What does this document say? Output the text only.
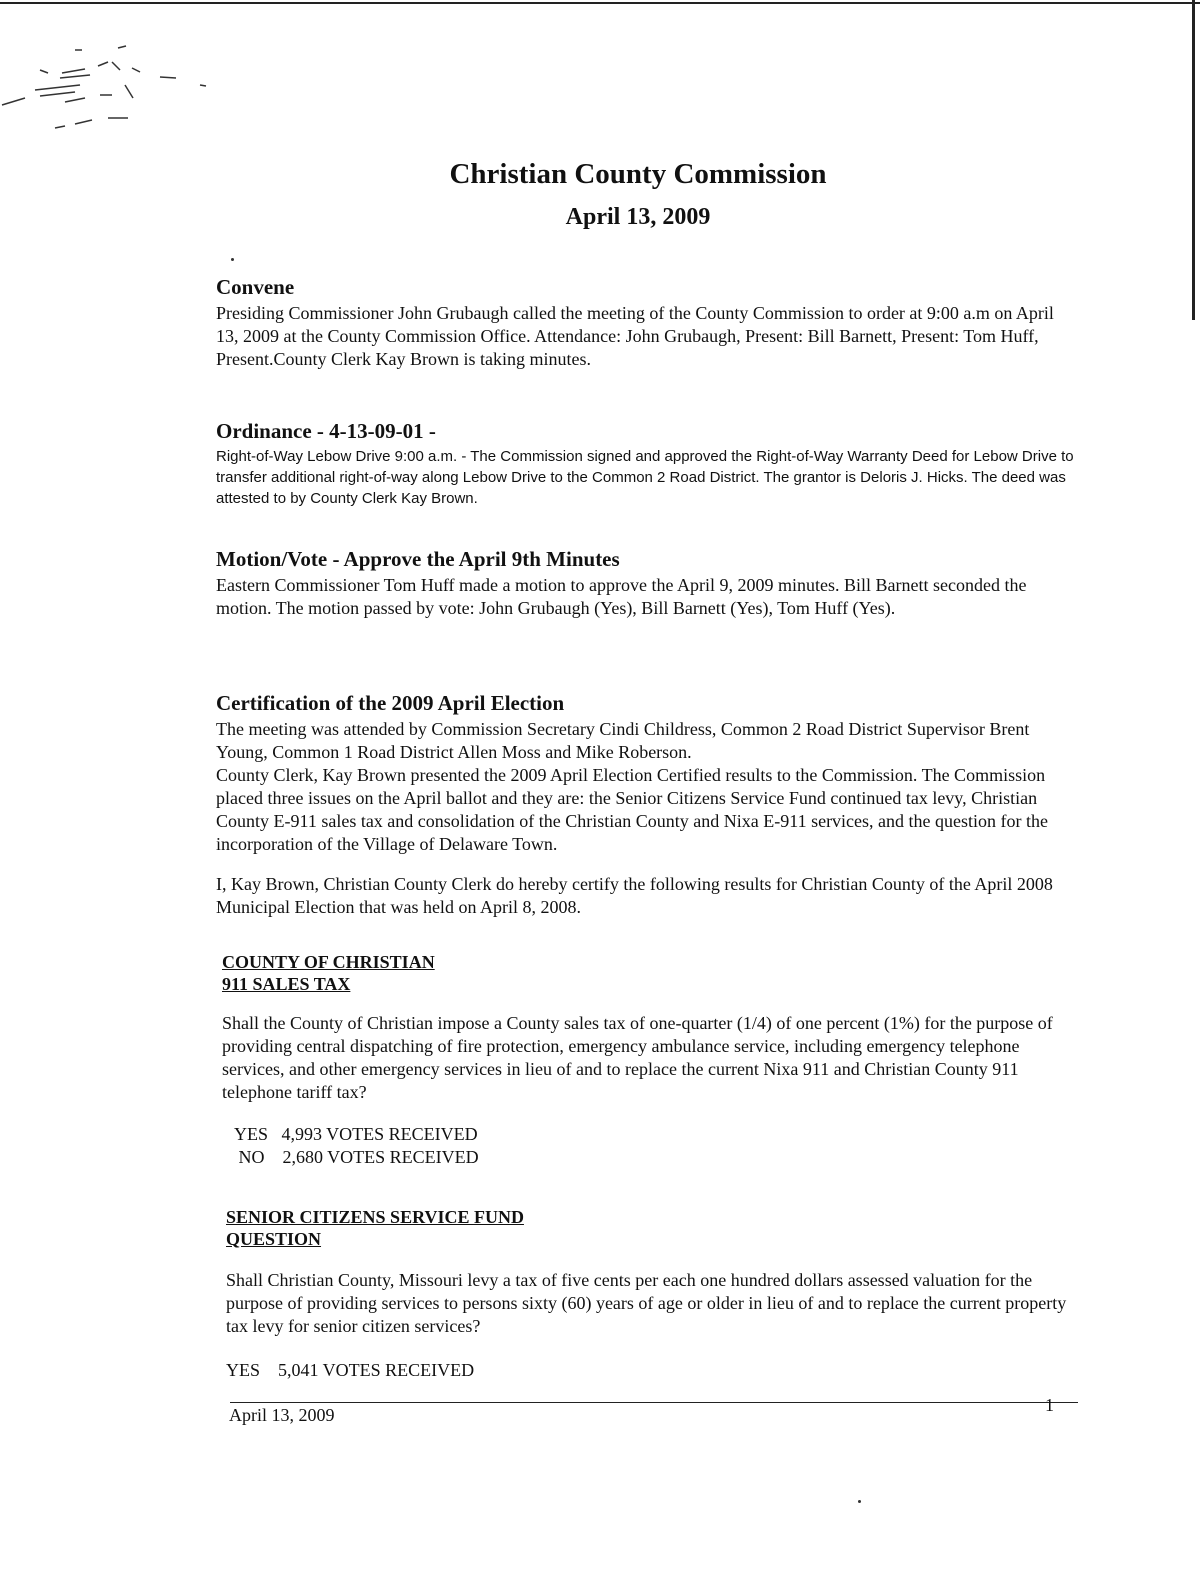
Christian County Commission
April 13, 2009

Convene

Presiding Commissioner John Grubaugh called the meeting of the County Commission to order at 9:00 a.m on April 13, 2009 at the County Commission Office. Attendance: John Grubaugh, Present: Bill Barnett, Present: Tom Huff, Present.County Clerk Kay Brown is taking minutes.

Ordinance - 4-13-09-01 -

Right-of-Way Lebow Drive 9:00 a.m. - The Commission signed and approved the Right-of-Way Warranty Deed for Lebow Drive to transfer additional right-of-way along Lebow Drive to the Common 2 Road District. The grantor is Deloris J. Hicks. The deed was attested to by County Clerk Kay Brown.

Motion/Vote - Approve the April 9th Minutes

Eastern Commissioner Tom Huff made a motion to approve the April 9, 2009 minutes. Bill Barnett seconded the motion. The motion passed by vote: John Grubaugh (Yes), Bill Barnett (Yes), Tom Huff (Yes).

Certification of the 2009 April Election

The meeting was attended by Commission Secretary Cindi Childress, Common 2 Road District Supervisor Brent Young, Common 1 Road District Allen Moss and Mike Roberson.

County Clerk, Kay Brown presented the 2009 April Election Certified results to the Commission. The Commission placed three issues on the April ballot and they are: the Senior Citizens Service Fund continued tax levy, Christian County E-911 sales tax and consolidation of the Christian County and Nixa E-911 services, and the question for the incorporation of the Village of Delaware Town.

I, Kay Brown, Christian County Clerk do hereby certify the following results for Christian County of the April 2008 Municipal Election that was held on April 8, 2008.

COUNTY OF CHRISTIAN

911 SALES TAX

Shall the County of Christian impose a County sales tax of one-quarter (1/4) of one percent (1%) for the purpose of providing central dispatching of fire protection, emergency ambulance service, including emergency telephone services, and other emergency services in lieu of and to replace the current Nixa 911 and Christian County 911 telephone tariff tax?

YES   4,993 VOTES RECEIVED

NO    2,680 VOTES RECEIVED

SENIOR CITIZENS SERVICE FUND

QUESTION

Shall Christian County, Missouri levy a tax of five cents per each one hundred dollars assessed valuation for the purpose of providing services to persons sixty (60) years of age or older in lieu of and to replace the current property tax levy for senior citizen services?

YES    5,041 VOTES RECEIVED

April 13, 2009	1
